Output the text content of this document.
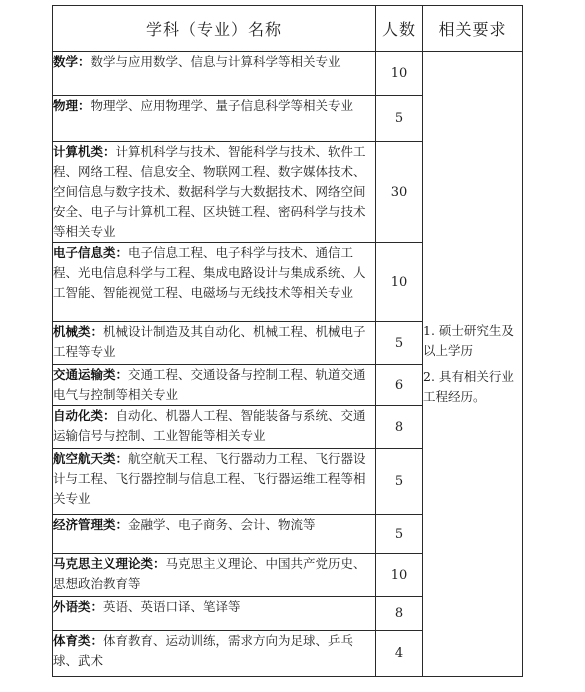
学科（专业）名称	人数	相关要求
数学：数学与应用数学、信息与计算科学等相关专业	10	1. 硕士研究生及以上学历
2. 具有相关行业工程经历。

物理：物理学、应用物理学、量子信息科学等相关专业	5	
计算机类：计算机科学与技术、智能科学与技术、软件工程、网络工程、信息安全、物联网工程、数字媒体技术、空间信息与数字技术、数据科学与大数据技术、网络空间安全、电子与计算机工程、区块链工程、密码科学与技术等相关专业	30	
电子信息类：电子信息工程、电子科学与技术、通信工程、光电信息科学与工程、集成电路设计与集成系统、人工智能、智能视觉工程、电磁场与无线技术等相关专业	10	
机械类：机械设计制造及其自动化、机械工程、机械电子工程等专业	5	
交通运输类：交通工程、交通设备与控制工程、轨道交通电气与控制等相关专业	6	
自动化类：自动化、机器人工程、智能装备与系统、交通运输信号与控制、工业智能等相关专业	8	
航空航天类：航空航天工程、飞行器动力工程、飞行器设计与工程、飞行器控制与信息工程、飞行器运维工程等相关专业	5	
经济管理类：金融学、电子商务、会计、物流等	5	
马克思主义理论类：马克思主义理论、中国共产党历史、思想政治教育等	10	
外语类：英语、英语口译、笔译等	8	
体育类：体育教育、运动训练，需求方向为足球、乒乓球、武术	4	
